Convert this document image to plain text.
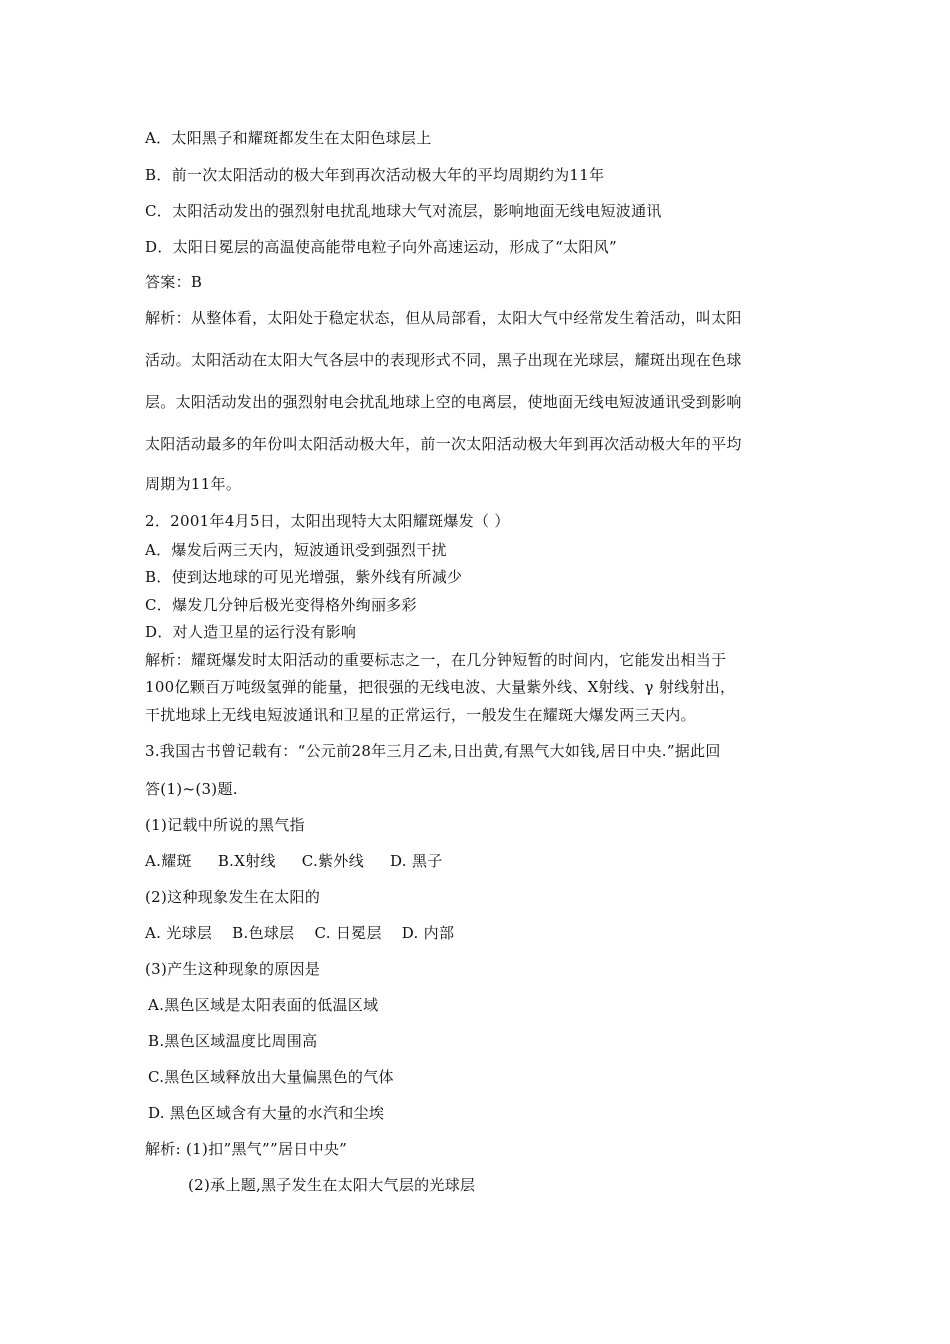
A．太阳黑子和耀斑都发生在太阳色球层上
B．前一次太阳活动的极大年到再次活动极大年的平均周期约为11年
C．太阳活动发出的强烈射电扰乱地球大气对流层，影响地面无线电短波通讯
D．太阳日冕层的高温使高能带电粒子向外高速运动，形成了“太阳风”
答案：B
解析：从整体看，太阳处于稳定状态，但从局部看，太阳大气中经常发生着活动，叫太阳
活动。太阳活动在太阳大气各层中的表现形式不同，黑子出现在光球层，耀斑出现在色球
层。太阳活动发出的强烈射电会扰乱地球上空的电离层，使地面无线电短波通讯受到影响
太阳活动最多的年份叫太阳活动极大年，前一次太阳活动极大年到再次活动极大年的平均
周期为11年。
2．2001年4月5日，太阳出现特大太阳耀斑爆发（ ）
A．爆发后两三天内，短波通讯受到强烈干扰
B．使到达地球的可见光增强，紫外线有所减少
C．爆发几分钟后极光变得格外绚丽多彩
D．对人造卫星的运行没有影响
解析：耀斑爆发时太阳活动的重要标志之一，在几分钟短暂的时间内，它能发出相当于
100亿颗百万吨级氢弹的能量，把很强的无线电波、大量紫外线、X射线、γ 射线射出，
干扰地球上无线电短波通讯和卫星的正常运行，一般发生在耀斑大爆发两三天内。
3.我国古书曾记载有：“公元前28年三月乙未,日出黄,有黑气大如钱,居日中央.”据此回
答(1)~(3)题.
(1)记载中所说的黑气指
A.耀斑 B.X射线 C.紫外线 D. 黑子
(2)这种现象发生在太阳的
A. 光球层 B.色球层 C. 日冕层 D. 内部
(3)产生这种现象的原因是
A.黑色区域是太阳表面的低温区域
B.黑色区域温度比周围高
C.黑色区域释放出大量偏黑色的气体
D. 黑色区域含有大量的水汽和尘埃
解析: (1)扣”黑气””居日中央”
(2)承上题,黑子发生在太阳大气层的光球层
